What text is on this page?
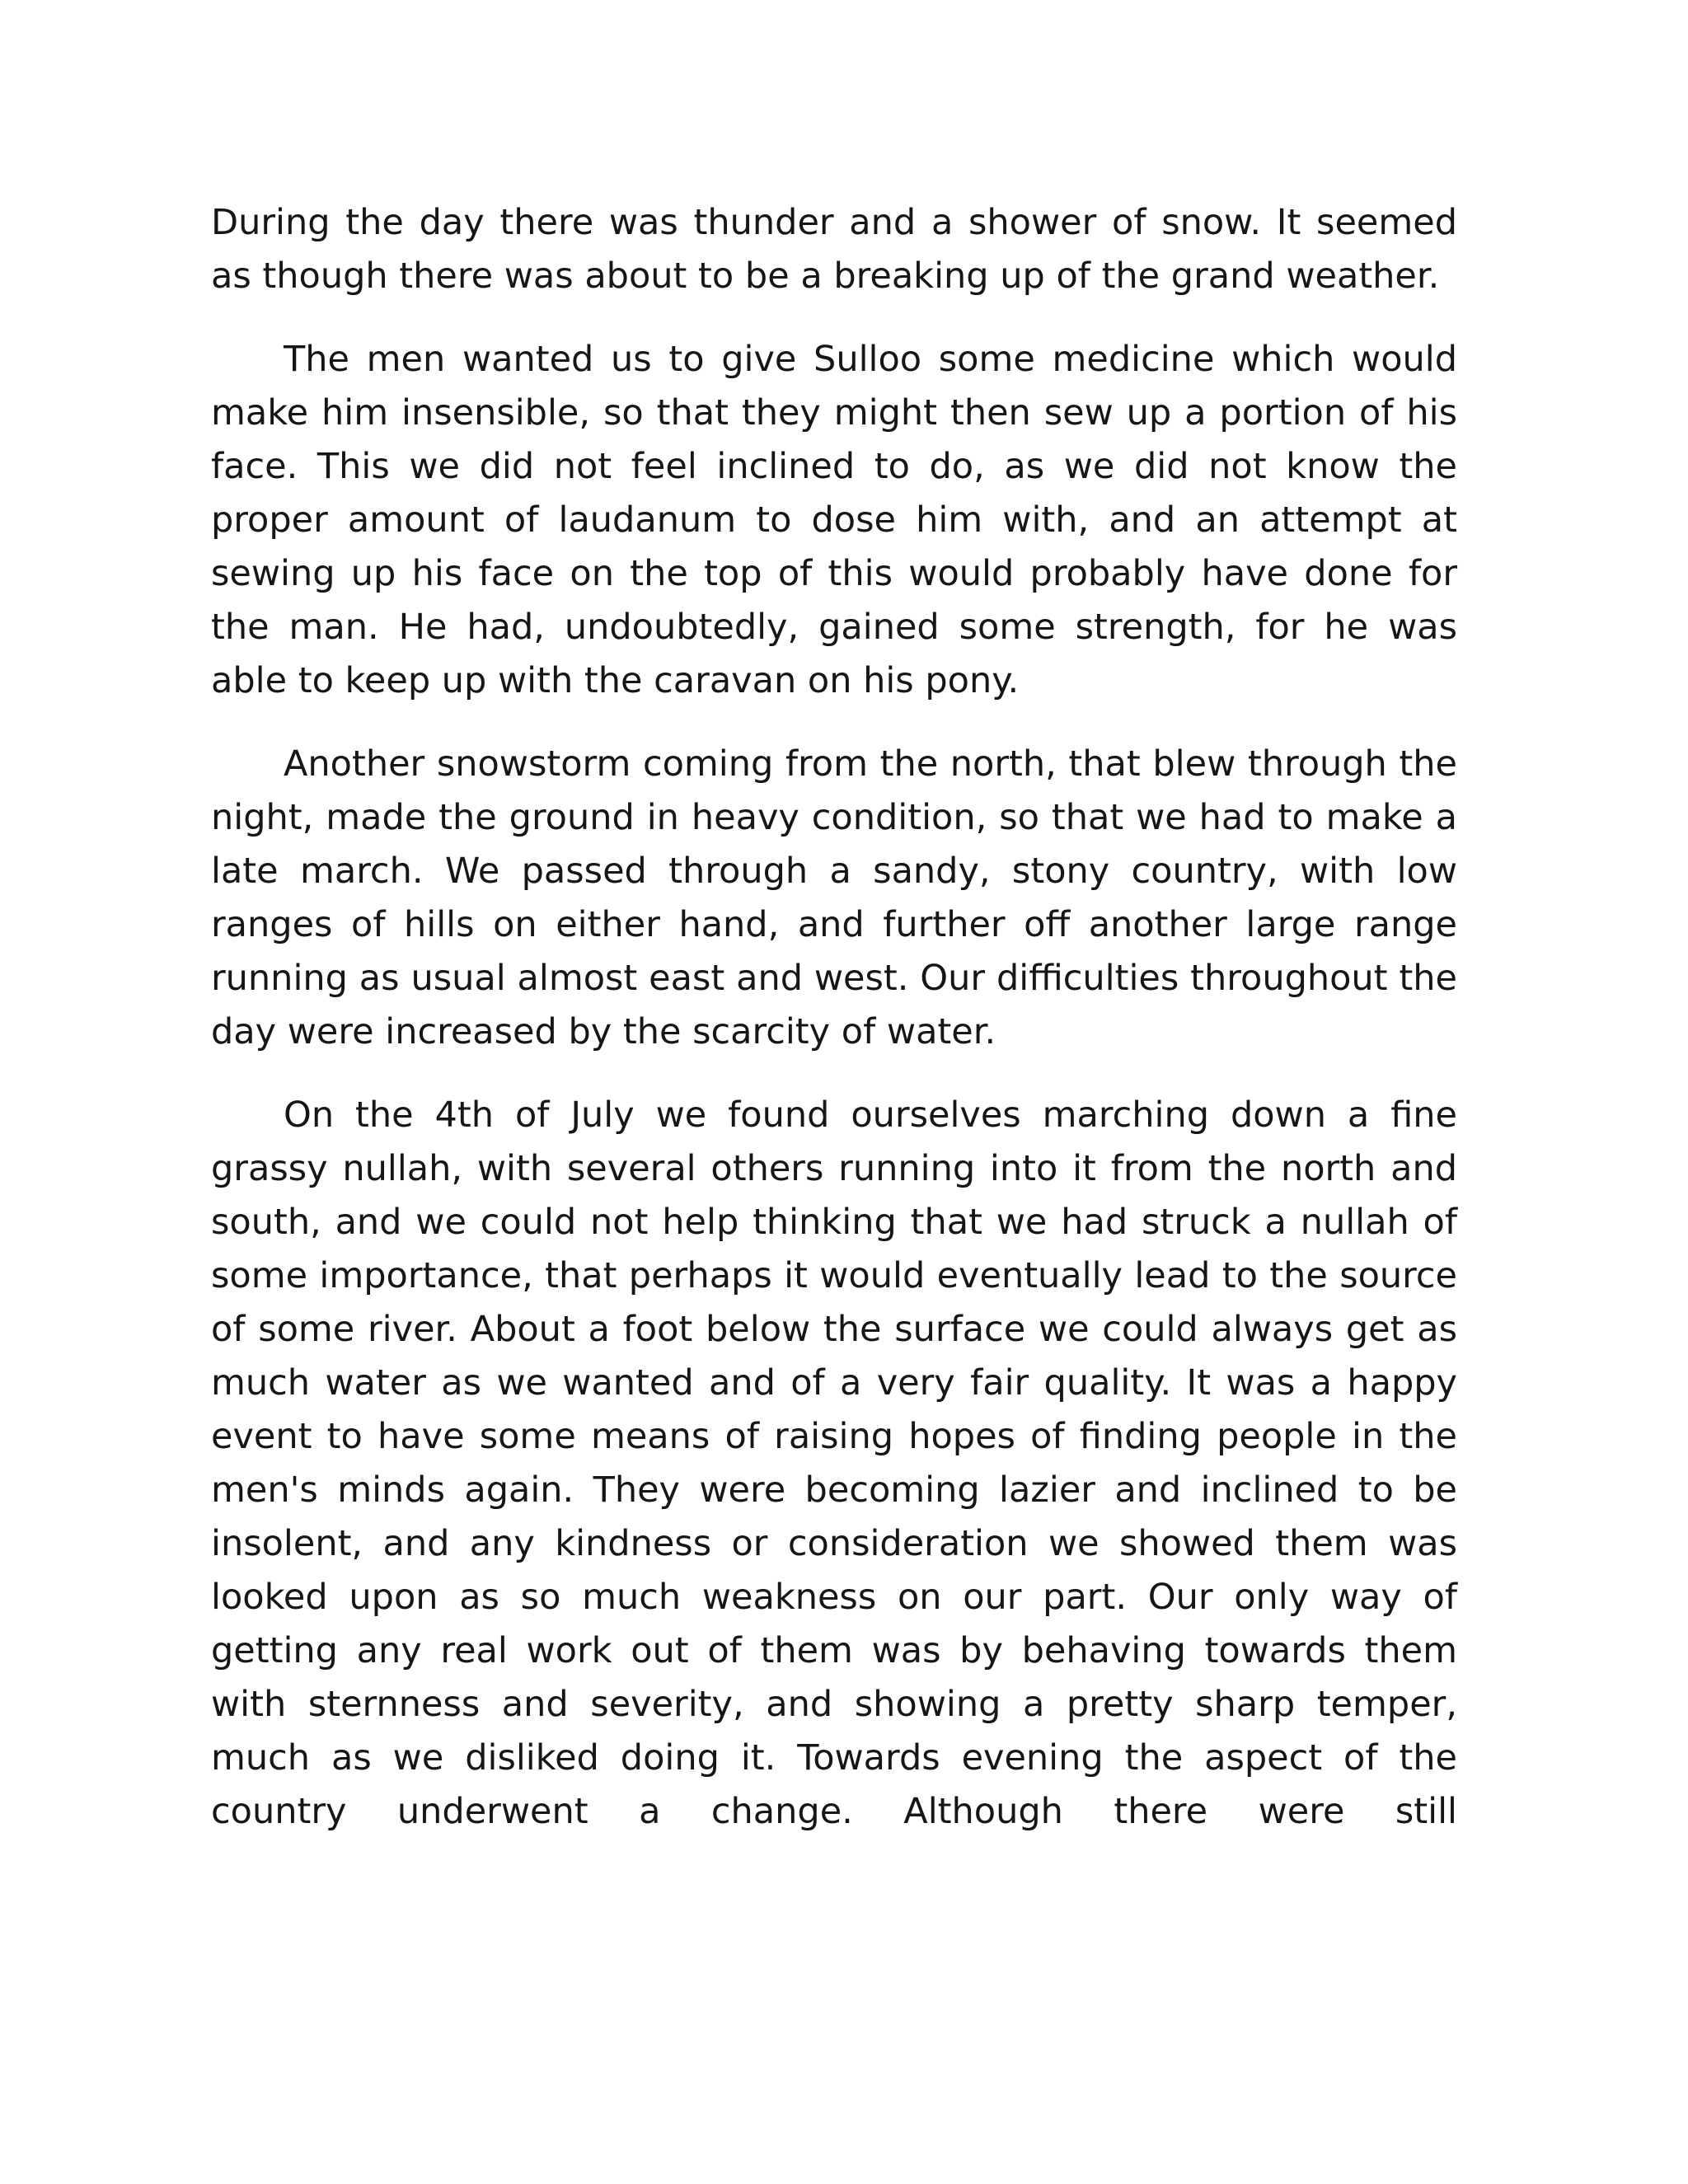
During the day there was thunder and a shower of snow. It seemed as though there was about to be a breaking up of the grand weather.

The men wanted us to give Sulloo some medicine which would make him insensible, so that they might then sew up a portion of his face. This we did not feel inclined to do, as we did not know the proper amount of laudanum to dose him with, and an attempt at sewing up his face on the top of this would probably have done for the man. He had, undoubtedly, gained some strength, for he was able to keep up with the caravan on his pony.

Another snowstorm coming from the north, that blew through the night, made the ground in heavy condition, so that we had to make a late march. We passed through a sandy, stony country, with low ranges of hills on either hand, and further off another large range running as usual almost east and west. Our difficulties throughout the day were increased by the scarcity of water.

On the 4th of July we found ourselves marching down a fine grassy nullah, with several others running into it from the north and south, and we could not help thinking that we had struck a nullah of some importance, that perhaps it would eventually lead to the source of some river. About a foot below the surface we could always get as much water as we wanted and of a very fair quality. It was a happy event to have some means of raising hopes of finding people in the men's minds again. They were becoming lazier and inclined to be insolent, and any kindness or consideration we showed them was looked upon as so much weakness on our part. Our only way of getting any real work out of them was by behaving towards them with sternness and severity, and showing a pretty sharp temper, much as we disliked doing it. Towards evening the aspect of the country underwent a change. Although there were still
